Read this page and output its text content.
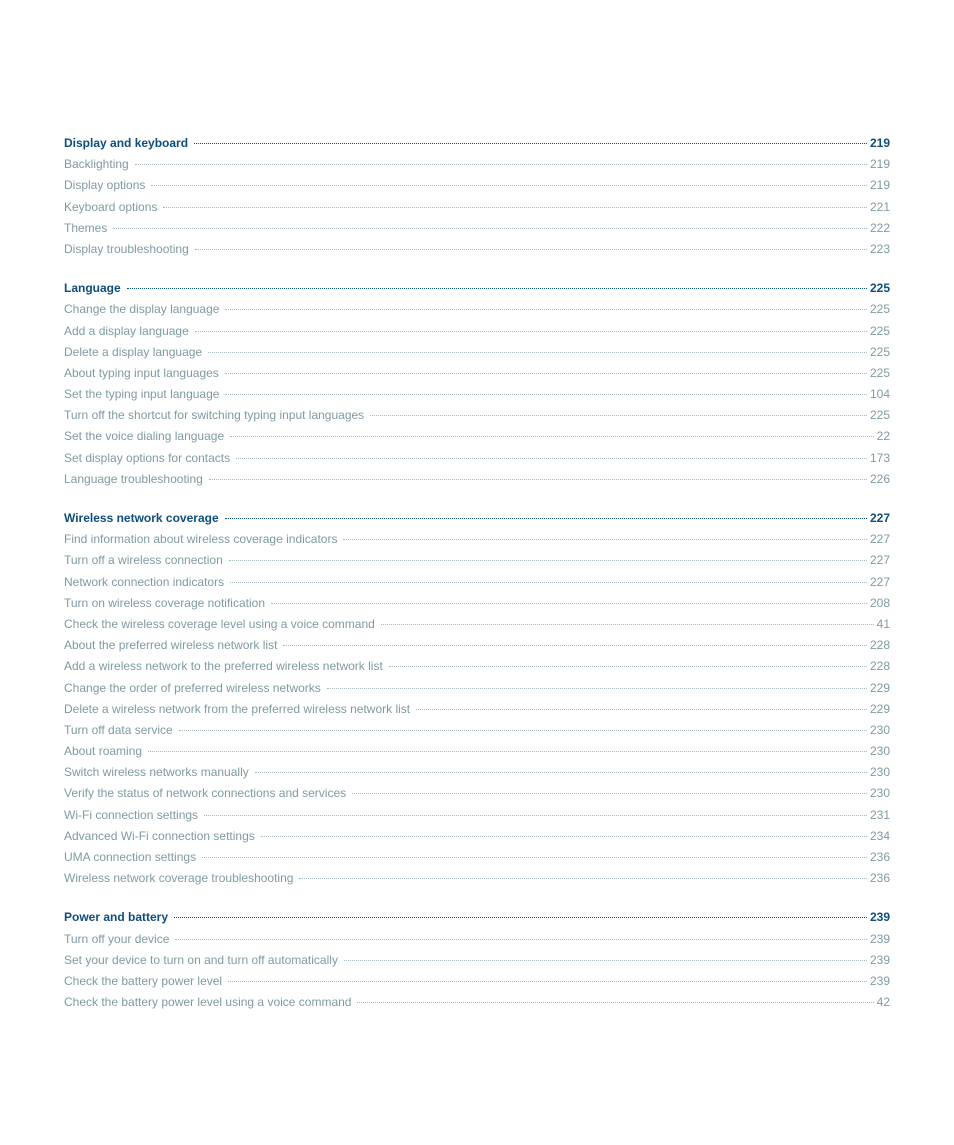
Display and keyboard	219
Backlighting	219
Display options	219
Keyboard options	221
Themes	222
Display troubleshooting	223
Language	225
Change the display language	225
Add a display language	225
Delete a display language	225
About typing input languages	225
Set the typing input language	104
Turn off the shortcut for switching typing input languages	225
Set the voice dialing language	22
Set display options for contacts	173
Language troubleshooting	226
Wireless network coverage	227
Find information about wireless coverage indicators	227
Turn off a wireless connection	227
Network connection indicators	227
Turn on wireless coverage notification	208
Check the wireless coverage level using a voice command	41
About the preferred wireless network list	228
Add a wireless network to the preferred wireless network list	228
Change the order of preferred wireless networks	229
Delete a wireless network from the preferred wireless network list	229
Turn off data service	230
About roaming	230
Switch wireless networks manually	230
Verify the status of network connections and services	230
Wi-Fi connection settings	231
Advanced Wi-Fi connection settings	234
UMA connection settings	236
Wireless network coverage troubleshooting	236
Power and battery	239
Turn off your device	239
Set your device to turn on and turn off automatically	239
Check the battery power level	239
Check the battery power level using a voice command	42
